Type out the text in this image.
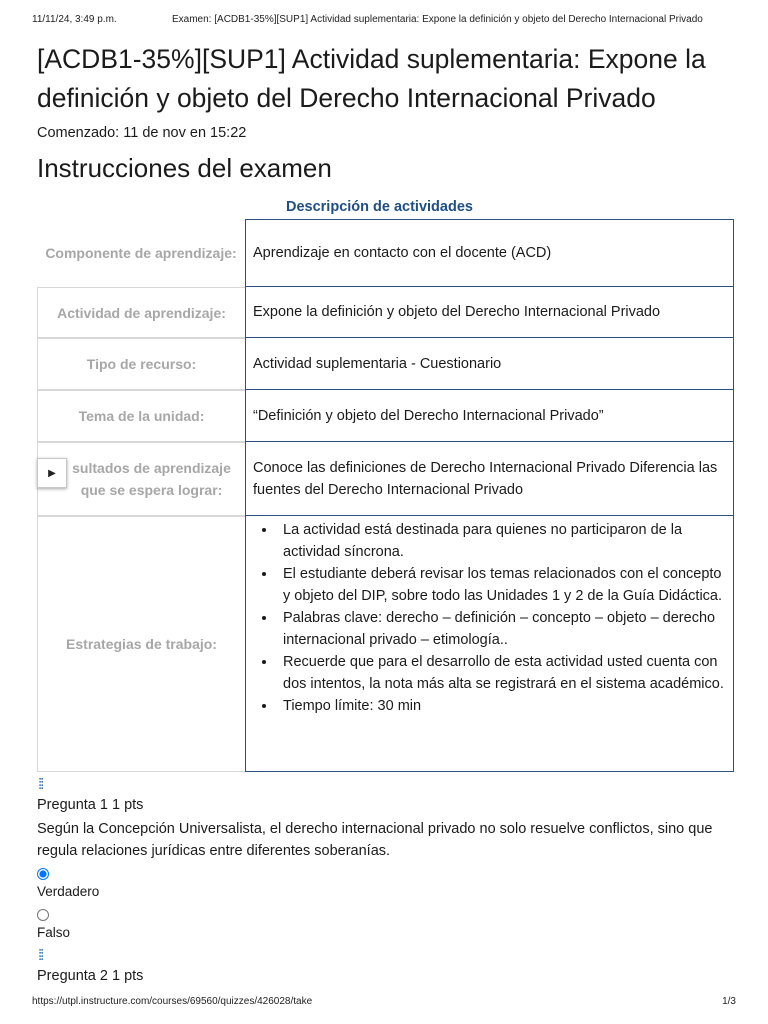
11/11/24, 3:49 p.m.	Examen: [ACDB1-35%][SUP1] Actividad suplementaria: Expone la definición y objeto del Derecho Internacional Privado
[ACDB1-35%][SUP1] Actividad suplementaria: Expone la definición y objeto del Derecho Internacional Privado
Comenzado: 11 de nov en 15:22
Instrucciones del examen
Descripción de actividades
Componente de aprendizaje:	Aprendizaje en contacto con el docente (ACD)
Actividad de aprendizaje:	Expone la definición y objeto del Derecho Internacional Privado
Tipo de recurso:	Actividad suplementaria - Cuestionario
Tema de la unidad:	“Definición y objeto del Derecho Internacional Privado”
sultados de aprendizaje que se espera lograr:
Conoce las definiciones de Derecho Internacional Privado Diferencia las fuentes del Derecho Internacional Privado
Estrategias de trabajo:
• La actividad está destinada para quienes no participaron de la actividad síncrona.
• El estudiante deberá revisar los temas relacionados con el concepto y objeto del DIP, sobre todo las Unidades 1 y 2 de la Guía Didáctica.
• Palabras clave: derecho – definición – concepto – objeto – derecho internacional privado – etimología..
• Recuerde que para el desarrollo de esta actividad usted cuenta con dos intentos, la nota más alta se registrará en el sistema académico.
• Tiempo límite: 30 min
▶
⁞⁞
Pregunta 1 1 pts
Según la Concepción Universalista, el derecho internacional privado no solo resuelve conflictos, sino que regula relaciones jurídicas entre diferentes soberanías.
Verdadero
Falso
⁞⁞
Pregunta 2 1 pts
https://utpl.instructure.com/courses/69560/quizzes/426028/take	1/3
